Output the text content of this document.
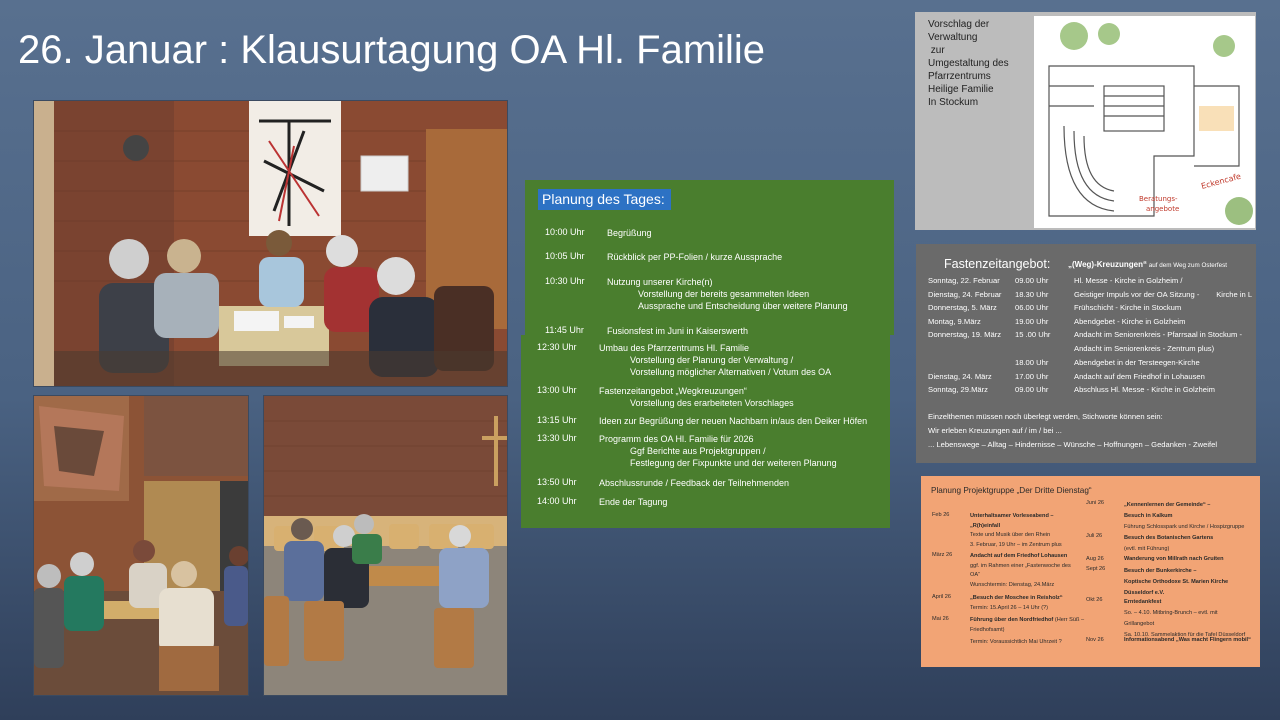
26. Januar : Klausurtagung OA Hl. Familie
Planung des Tages:
10:00 Uhr Begrüßung
10:05 Uhr Rückblick per PP-Folien / kurze Aussprache
10:30 Uhr Nutzung unserer Kirche(n)
Vorstellung der bereits gesammelten Ideen
Aussprache und Entscheidung über weitere Planung
11:45 Uhr	Fusionsfest im Juni in Kaiserswerth
12:30 Uhr Umbau des Pfarrzentrums Hl. Familie
Vorstellung der Planung der Verwaltung /
Vorstellung möglicher Alternativen / Votum des OA
13:00 Uhr Fastenzeitangebot „Wegkreuzungen“
Vorstellung des erarbeiteten Vorschlages
13:15 Uhr Ideen zur Begrüßung der neuen Nachbarn in/aus den Deiker Höfen
13:30 Uhr Programm des OA Hl. Familie für 2026
Ggf Berichte aus Projektgruppen /
Festlegung der Fixpunkte und der weiteren Planung
13:50 Uhr Abschlussrunde / Feedback der Teilnehmenden
14:00 Uhr Ende der Tagung
Vorschlag der
Verwaltung
zur
Umgestaltung des
Pfarrzentrums
Heilige Familie
In Stockum
Eckencafe
Beratungs-
angebote
Fastenzeitangebot: „(Weg)-Kreuzungen“ auf dem Weg zum Osterfest
Sonntag, 22. Februar 09.00 Uhr	Hl. Messe - Kirche in Golzheim /
Dienstag, 24. Februar 18.30 Uhr	Geistiger Impuls vor der OA Sitzung -        Kirche in L
Donnerstag, 5. März 06.00 Uhr	Frühschicht - Kirche in Stockum
Montag, 9.März	19.00 Uhr	Abendgebet - Kirche in Golzheim
Donnerstag, 19. März 15 .00 Uhr	Andacht im Seniorenkreis - Pfarrsaal in Stockum -
Andacht im Seniorenkreis - Zentrum plus)
18.00 Uhr	Abendgebet in der Tersteegen-Kirche
Dienstag, 24. März	17.00 Uhr	Andacht auf dem Friedhof in Lohausen
Sonntag, 29.März	09.00 Uhr	Abschluss Hl. Messe - Kirche in Golzheim
Einzelthemen müssen noch überlegt werden, Stichworte können sein:
Wir erleben Kreuzungen auf / im / bei ...
... Lebenswege – Alltag – Hindernisse – Wünsche – Hoffnungen – Gedanken - Zweifel
Planung Projektgruppe „Der Dritte Dienstag“
Feb 26	Unterhaltsamer Vorleseabend –
„R(h)einfall
Texte und Musik über den Rhein
3. Februar, 19 Uhr – im Zentrum plus
März 26	Andacht auf dem Friedhof Lohausen
ggf. im Rahmen einer „Fastenwoche des
OA“
Wunschtermin: Dienstag, 24.März
April 26	„Besuch der Moschee in Reisholz“
Termin: 15.April 26 – 14 Uhr (?)
Mai 26	Führung über den Nordfriedhof (Herr Süß –
Friedhofsamt)
Termin: Voraussichtlich Mai Uhrzeit ?
Juni 26	„Kennenlernen der Gemeinde“ –
Besuch in Kalkum
Führung Schlosspark und Kirche / Hospizgruppe
Juli 26	Besuch des Botanischen Gartens
(evtl. mit Führung)
Aug 26	Wanderung von Millrath nach Gruiten
Sept 26	Besuch der Bunkerkirche –
Koptische Orthodoxe St. Marien Kirche
Düsseldorf e.V.
Okt 26	Erntedankfest
So. – 4.10. Mitbring-Brunch – evtl. mit
Grillangebot
Sa. 10.10. Sammelaktion für die Tafel Düsseldorf
Nov 26	Informationsabend „Was macht Flingern mobil“
